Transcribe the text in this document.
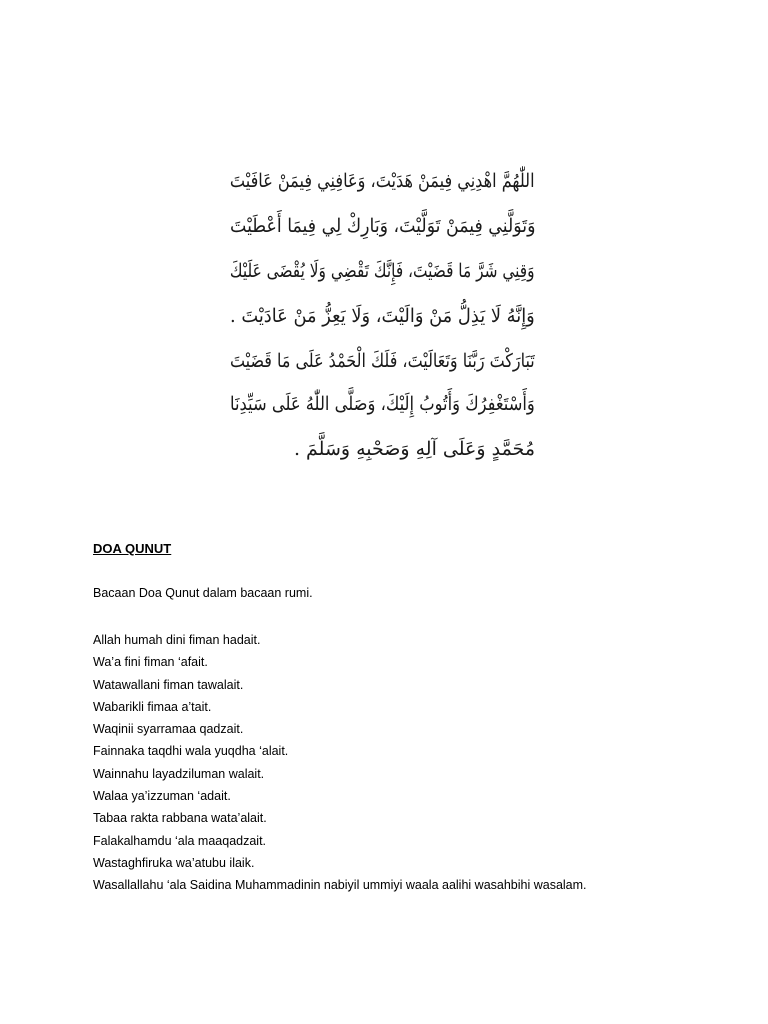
اللّٰهُمَّ اهْدِنِي فِيمَنْ هَدَيْتَ، وَعَافِنِي فِيمَنْ عَافَيْتَ
وَتَوَلَّنِي فِيمَنْ تَوَلَّيْتَ، وَبَارِكْ لِي فِيمَا أَعْطَيْتَ
وَقِنِي شَرَّ مَا قَضَيْتَ، فَإِنَّكَ تَقْضِي وَلَا يُقْضَى عَلَيْكَ
وَإِنَّهُ لَا يَذِلُّ مَنْ وَالَيْتَ، وَلَا يَعِزُّ مَنْ عَادَيْتَ .
تَبَارَكْتَ رَبَّنَا وَتَعَالَيْتَ، فَلَكَ الْحَمْدُ عَلَى مَا قَضَيْتَ
وَأَسْتَغْفِرُكَ وَأَتُوبُ إِلَيْكَ، وَصَلَّى اللّٰهُ عَلَى سَيِّدِنَا
مُحَمَّدٍ وَعَلَى آلِهِ وَصَحْبِهِ وَسَلَّمَ .
DOA QUNUT
Bacaan Doa Qunut dalam bacaan rumi.
Allah humah dini fiman hadait.
Wa’a fini fiman ‘afait.
Watawallani fiman tawalait.
Wabarikli fimaa a’tait.
Waqinii syarramaa qadzait.
Fainnaka taqdhi wala yuqdha ‘alait.
Wainnahu layadziluman walait.
Walaa ya’izzuman ‘adait.
Tabaa rakta rabbana wata’alait.
Falakalhamdu ‘ala maaqadzait.
Wastaghfiruka wa’atubu ilaik.
Wasallallahu ‘ala Saidina Muhammadinin nabiyil ummiyi waala aalihi wasahbihi wasalam.
